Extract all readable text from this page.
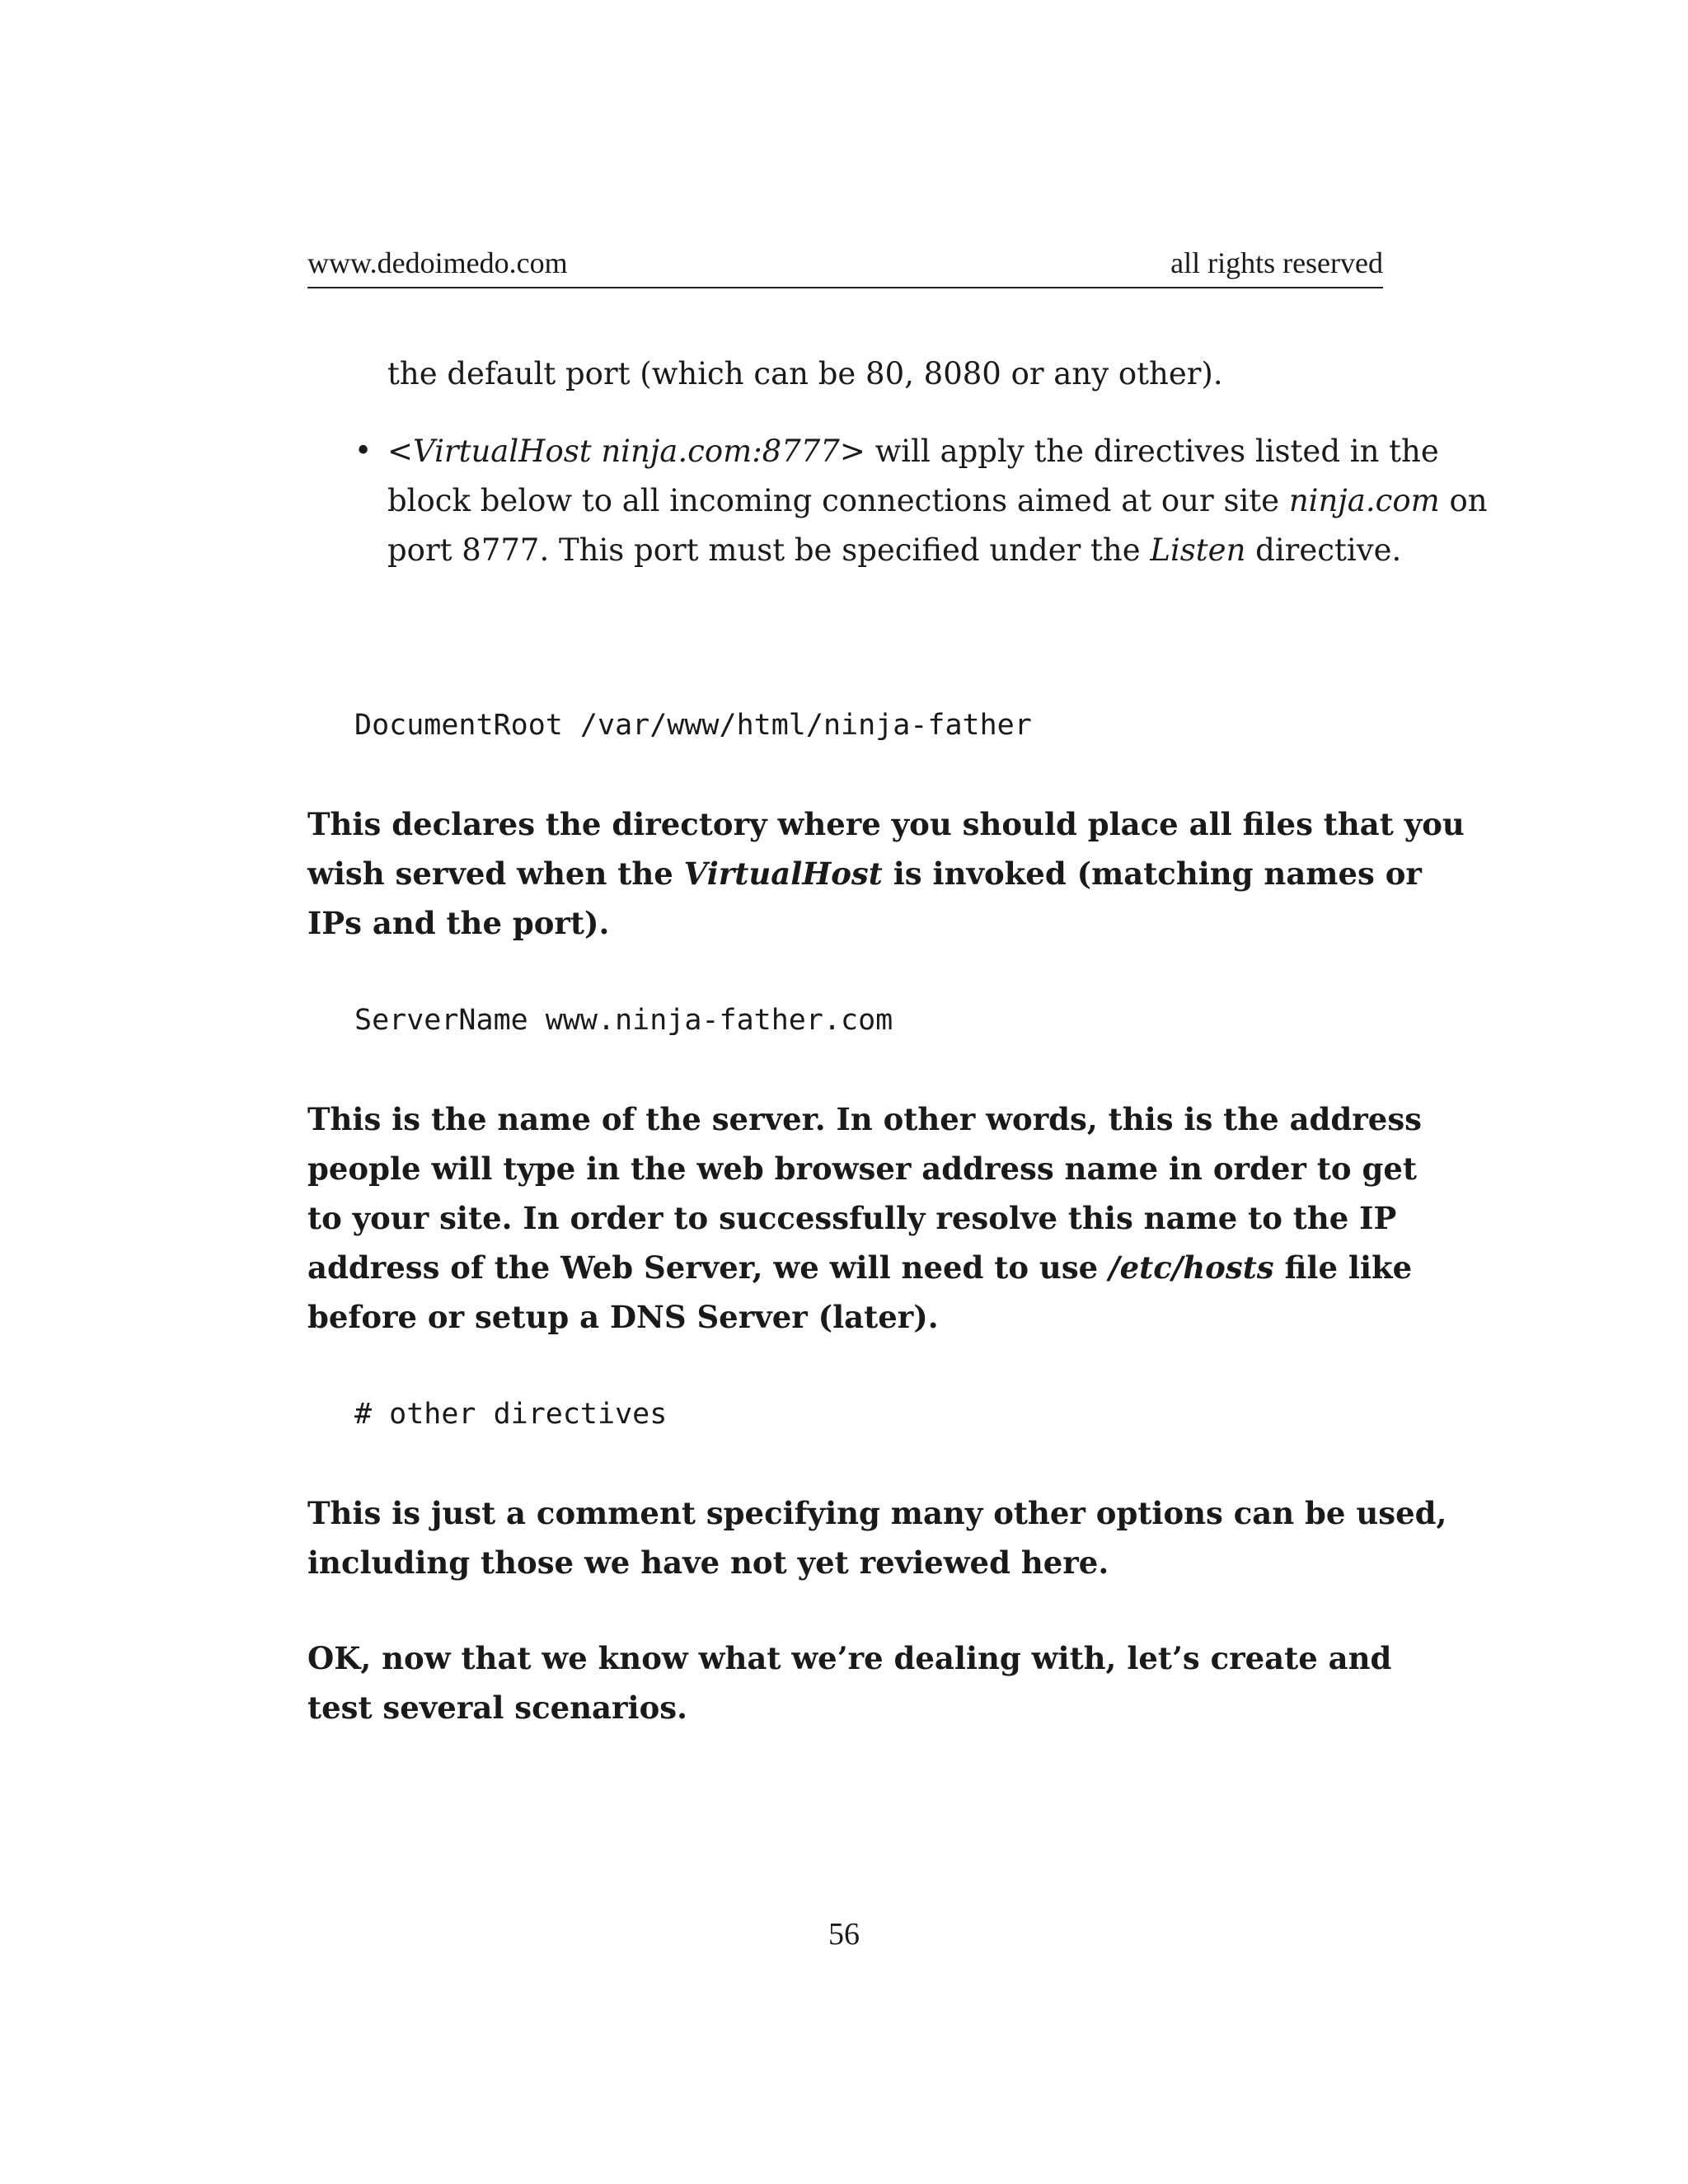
www.dedoimedo.com	all rights reserved
the default port (which can be 80, 8080 or any other).
• <VirtualHost ninja.com:8777> will apply the directives listed in the
block below to all incoming connections aimed at our site ninja.com on
port 8777. This port must be specified under the Listen directive.
DocumentRoot /var/www/html/ninja-father
This declares the directory where you should place all files that you
wish served when the VirtualHost is invoked (matching names or
IPs and the port).
ServerName www.ninja-father.com
This is the name of the server. In other words, this is the address
people will type in the web browser address name in order to get
to your site. In order to successfully resolve this name to the IP
address of the Web Server, we will need to use /etc/hosts file like
before or setup a DNS Server (later).
# other directives
This is just a comment specifying many other options can be used,
including those we have not yet reviewed here.
OK, now that we know what we’re dealing with, let’s create and
test several scenarios.
56
